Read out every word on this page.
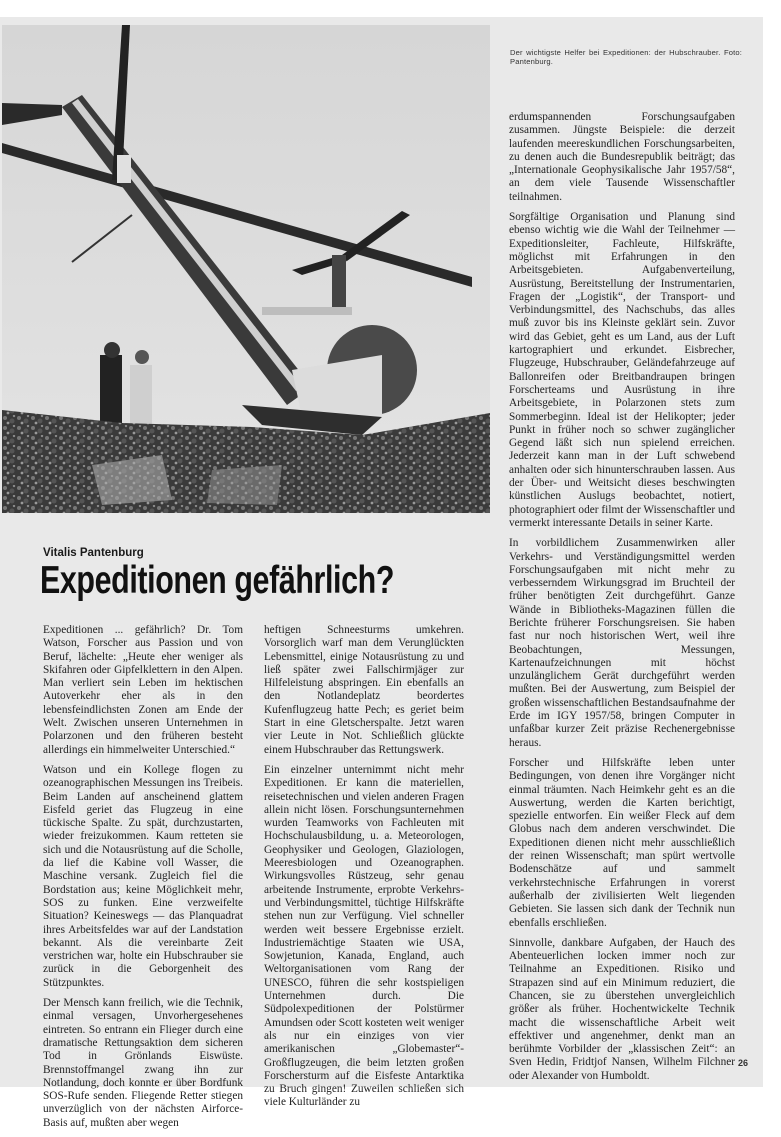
Der wichtigste Helfer bei Expeditionen: der Hubschrauber. Foto: Pantenburg.
Vitalis Pantenburg
Expeditionen gefährlich?

Expeditionen ... gefährlich? Dr. Tom Watson, Forscher aus Passion und von Beruf, lächelte: „Heute eher weniger als Skifahren oder Gipfelklettern in den Alpen. Man verliert sein Leben im hektischen Autoverkehr eher als in den lebensfeindlichsten Zonen am Ende der Welt. Zwischen unseren Unternehmen in Polarzonen und den früheren besteht allerdings ein himmelweiter Unterschied.“

Watson und ein Kollege flogen zu ozeanographischen Messungen ins Treibeis. Beim Landen auf anscheinend glattem Eisfeld geriet das Flugzeug in eine tückische Spalte. Zu spät, durchzustarten, wieder freizukommen. Kaum retteten sie sich und die Notausrüstung auf die Scholle, da lief die Kabine voll Wasser, die Maschine versank. Zugleich fiel die Bordstation aus; keine Möglichkeit mehr, SOS zu funken. Eine verzweifelte Situation? Keineswegs — das Planquadrat ihres Arbeitsfeldes war auf der Landstation bekannt. Als die vereinbarte Zeit verstrichen war, holte ein Hubschrauber sie zurück in die Geborgenheit des Stützpunktes.

Der Mensch kann freilich, wie die Technik, einmal versagen, Unvorhergesehenes eintreten. So entrann ein Flieger durch eine dramatische Rettungsaktion dem sicheren Tod in Grönlands Eiswüste. Brennstoffmangel zwang ihn zur Notlandung, doch konnte er über Bordfunk SOS-Rufe senden. Fliegende Retter stiegen unverzüglich von der nächsten Airforce-Basis auf, mußten aber wegen

heftigen Schneesturms umkehren. Vorsorglich warf man dem Verunglückten Lebensmittel, einige Notausrüstung zu und ließ später zwei Fallschirmjäger zur Hilfeleistung abspringen. Ein ebenfalls an den Notlandeplatz beordertes Kufenflugzeug hatte Pech; es geriet beim Start in eine Gletscherspalte. Jetzt waren vier Leute in Not. Schließlich glückte einem Hubschrauber das Rettungswerk.

Ein einzelner unternimmt nicht mehr Expeditionen. Er kann die materiellen, reisetechnischen und vielen anderen Fragen allein nicht lösen. Forschungsunternehmen wurden Teamworks von Fachleuten mit Hochschulausbildung, u. a. Meteorologen, Geophysiker und Geologen, Glaziologen, Meeresbiologen und Ozeanographen. Wirkungsvolles Rüstzeug, sehr genau arbeitende Instrumente, erprobte Verkehrs- und Verbindungsmittel, tüchtige Hilfskräfte stehen nun zur Verfügung. Viel schneller werden weit bessere Ergebnisse erzielt. Industriemächtige Staaten wie USA, Sowjetunion, Kanada, England, auch Weltorganisationen vom Rang der UNESCO, führen die sehr kostspieligen Unternehmen durch. Die Südpolexpeditionen der Polstürmer Amundsen oder Scott kosteten weit weniger als nur ein einziges von vier amerikanischen „Globemaster“-Großflugzeugen, die beim letzten großen Forschersturm auf die Eisfeste Antarktika zu Bruch gingen! Zuweilen schließen sich viele Kulturländer zu

erdumspannenden Forschungsaufgaben zusammen. Jüngste Beispiele: die derzeit laufenden meereskundlichen Forschungsarbeiten, zu denen auch die Bundesrepublik beiträgt; das „Internationale Geophysikalische Jahr 1957/58“, an dem viele Tausende Wissenschaftler teilnahmen.

Sorgfältige Organisation und Planung sind ebenso wichtig wie die Wahl der Teilnehmer — Expeditionsleiter, Fachleute, Hilfskräfte, möglichst mit Erfahrungen in den Arbeitsgebieten. Aufgabenverteilung, Ausrüstung, Bereitstellung der Instrumentarien, Fragen der „Logistik“, der Transport- und Verbindungsmittel, des Nachschubs, das alles muß zuvor bis ins Kleinste geklärt sein. Zuvor wird das Gebiet, geht es um Land, aus der Luft kartographiert und erkundet. Eisbrecher, Flugzeuge, Hubschrauber, Geländefahrzeuge auf Ballonreifen oder Breitbandraupen bringen Forscherteams und Ausrüstung in ihre Arbeitsgebiete, in Polarzonen stets zum Sommerbeginn. Ideal ist der Helikopter; jeder Punkt in früher noch so schwer zugänglicher Gegend läßt sich nun spielend erreichen. Jederzeit kann man in der Luft schwebend anhalten oder sich hinunterschrauben lassen. Aus der Über- und Weitsicht dieses beschwingten künstlichen Auslugs beobachtet, notiert, photographiert oder filmt der Wissenschaftler und vermerkt interessante Details in seiner Karte.

In vorbildlichem Zusammenwirken aller Verkehrs- und Verständigungsmittel werden Forschungsaufgaben mit nicht mehr zu verbesserndem Wirkungsgrad im Bruchteil der früher benötigten Zeit durchgeführt. Ganze Wände in Bibliotheks-Magazinen füllen die Berichte früherer Forschungsreisen. Sie haben fast nur noch historischen Wert, weil ihre Beobachtungen, Messungen, Kartenaufzeichnungen mit höchst unzulänglichem Gerät durchgeführt werden mußten. Bei der Auswertung, zum Beispiel der großen wissenschaftlichen Bestandsaufnahme der Erde im IGY 1957/58, bringen Computer in unfaßbar kurzer Zeit präzise Rechenergebnisse heraus.

Forscher und Hilfskräfte leben unter Bedingungen, von denen ihre Vorgänger nicht einmal träumten. Nach Heimkehr geht es an die Auswertung, werden die Karten berichtigt, spezielle entworfen. Ein weißer Fleck auf dem Globus nach dem anderen verschwindet. Die Expeditionen dienen nicht mehr ausschließlich der reinen Wissenschaft; man spürt wertvolle Bodenschätze auf und sammelt verkehrstechnische Erfahrungen in vorerst außerhalb der zivilisierten Welt liegenden Gebieten. Sie lassen sich dank der Technik nun ebenfalls erschließen.

Sinnvolle, dankbare Aufgaben, der Hauch des Abenteuerlichen locken immer noch zur Teilnahme an Expeditionen. Risiko und Strapazen sind auf ein Minimum reduziert, die Chancen, sie zu überstehen unvergleichlich größer als früher. Hochentwickelte Technik macht die wissenschaftliche Arbeit weit effektiver und angenehmer, denkt man an berühmte Vorbilder der „klassischen Zeit“: an Sven Hedin, Fridtjof Nansen, Wilhelm Filchner oder Alexander von Humboldt.

26
